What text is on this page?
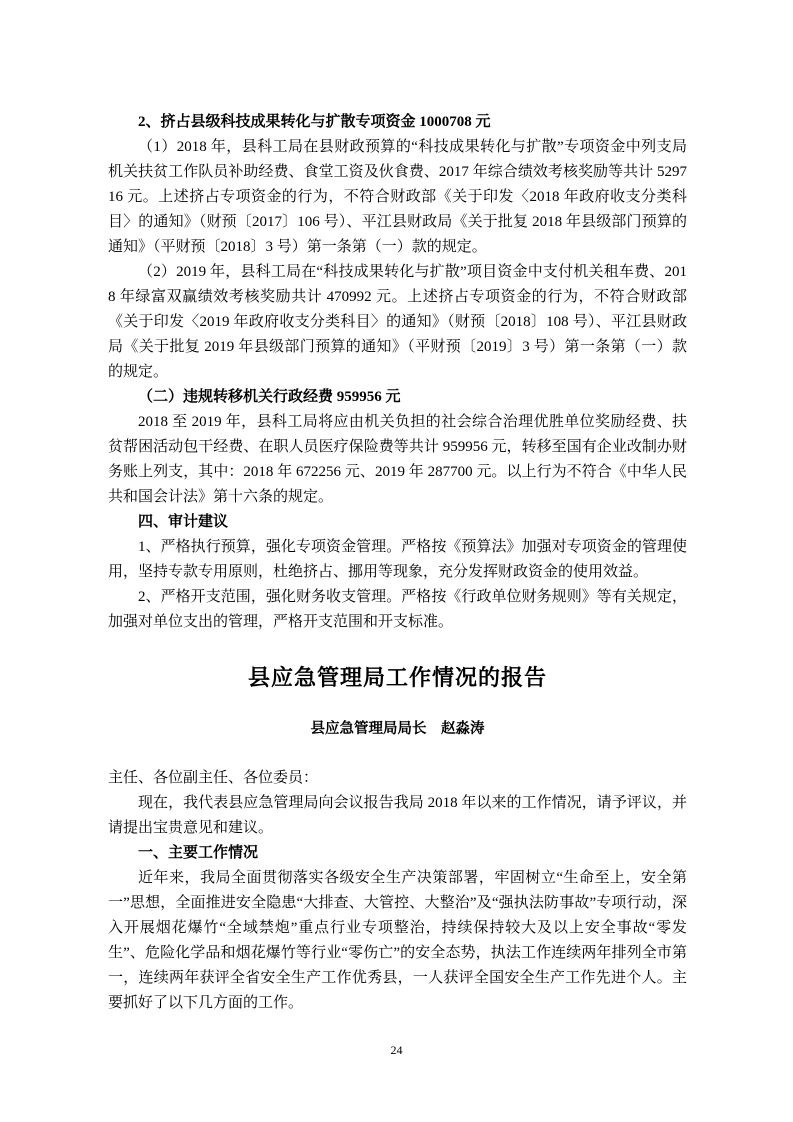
2、挤占县级科技成果转化与扩散专项资金 1000708 元

（1）2018 年，县科工局在县财政预算的“科技成果转化与扩散”专项资金中列支局机关扶贫工作队员补助经费、食堂工资及伙食费、2017 年综合绩效考核奖励等共计 529716 元。上述挤占专项资金的行为，不符合财政部《关于印发〈2018 年政府收支分类科目〉的通知》（财预〔2017〕106 号）、平江县财政局《关于批复 2018 年县级部门预算的通知》（平财预〔2018〕3 号）第一条第（一）款的规定。

（2）2019 年，县科工局在“科技成果转化与扩散”项目资金中支付机关租车费、2018 年绿富双赢绩效考核奖励共计 470992 元。上述挤占专项资金的行为，不符合财政部《关于印发〈2019 年政府收支分类科目〉的通知》（财预〔2018〕108 号）、平江县财政局《关于批复 2019 年县级部门预算的通知》（平财预〔2019〕3 号）第一条第（一）款的规定。

（二）违规转移机关行政经费 959956 元

2018 至 2019 年，县科工局将应由机关负担的社会综合治理优胜单位奖励经费、扶贫帮困活动包干经费、在职人员医疗保险费等共计 959956 元，转移至国有企业改制办财务账上列支，其中：2018 年 672256 元、2019 年 287700 元。以上行为不符合《中华人民共和国会计法》第十六条的规定。

四、审计建议

1、严格执行预算，强化专项资金管理。严格按《预算法》加强对专项资金的管理使用，坚持专款专用原则，杜绝挤占、挪用等现象，充分发挥财政资金的使用效益。

2、严格开支范围，强化财务收支管理。严格按《行政单位财务规则》等有关规定，加强对单位支出的管理，严格开支范围和开支标准。

县应急管理局工作情况的报告

县应急管理局局长　赵淼涛

主任、各位副主任、各位委员：

现在，我代表县应急管理局向会议报告我局 2018 年以来的工作情况，请予评议，并请提出宝贵意见和建议。

一、主要工作情况

近年来，我局全面贯彻落实各级安全生产决策部署，牢固树立“生命至上，安全第一”思想，全面推进安全隐患“大排查、大管控、大整治”及“强执法防事故”专项行动，深入开展烟花爆竹“全域禁炮”重点行业专项整治，持续保持较大及以上安全事故“零发生”、危险化学品和烟花爆竹等行业“零伤亡”的安全态势，执法工作连续两年排列全市第一，连续两年获评全省安全生产工作优秀县，一人获评全国安全生产工作先进个人。主要抓好了以下几方面的工作。

24
